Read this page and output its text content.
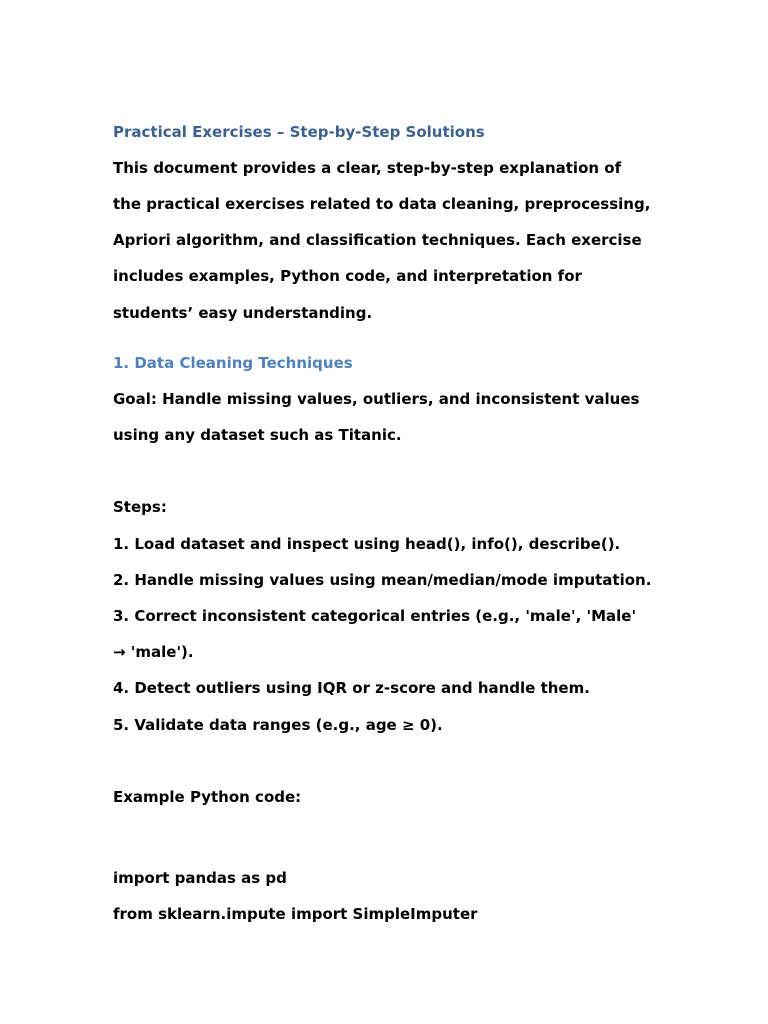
Practical Exercises – Step-by-Step Solutions
This document provides a clear, step-by-step explanation of
the practical exercises related to data cleaning, preprocessing,
Apriori algorithm, and classification techniques. Each exercise
includes examples, Python code, and interpretation for
students’ easy understanding.
1. Data Cleaning Techniques
Goal: Handle missing values, outliers, and inconsistent values
using any dataset such as Titanic.
Steps:
1. Load dataset and inspect using head(), info(), describe().
2. Handle missing values using mean/median/mode imputation.
3. Correct inconsistent categorical entries (e.g., 'male', 'Male'
→ 'male').
4. Detect outliers using IQR or z-score and handle them.
5. Validate data ranges (e.g., age ≥ 0).
Example Python code:
import pandas as pd
from sklearn.impute import SimpleImputer
